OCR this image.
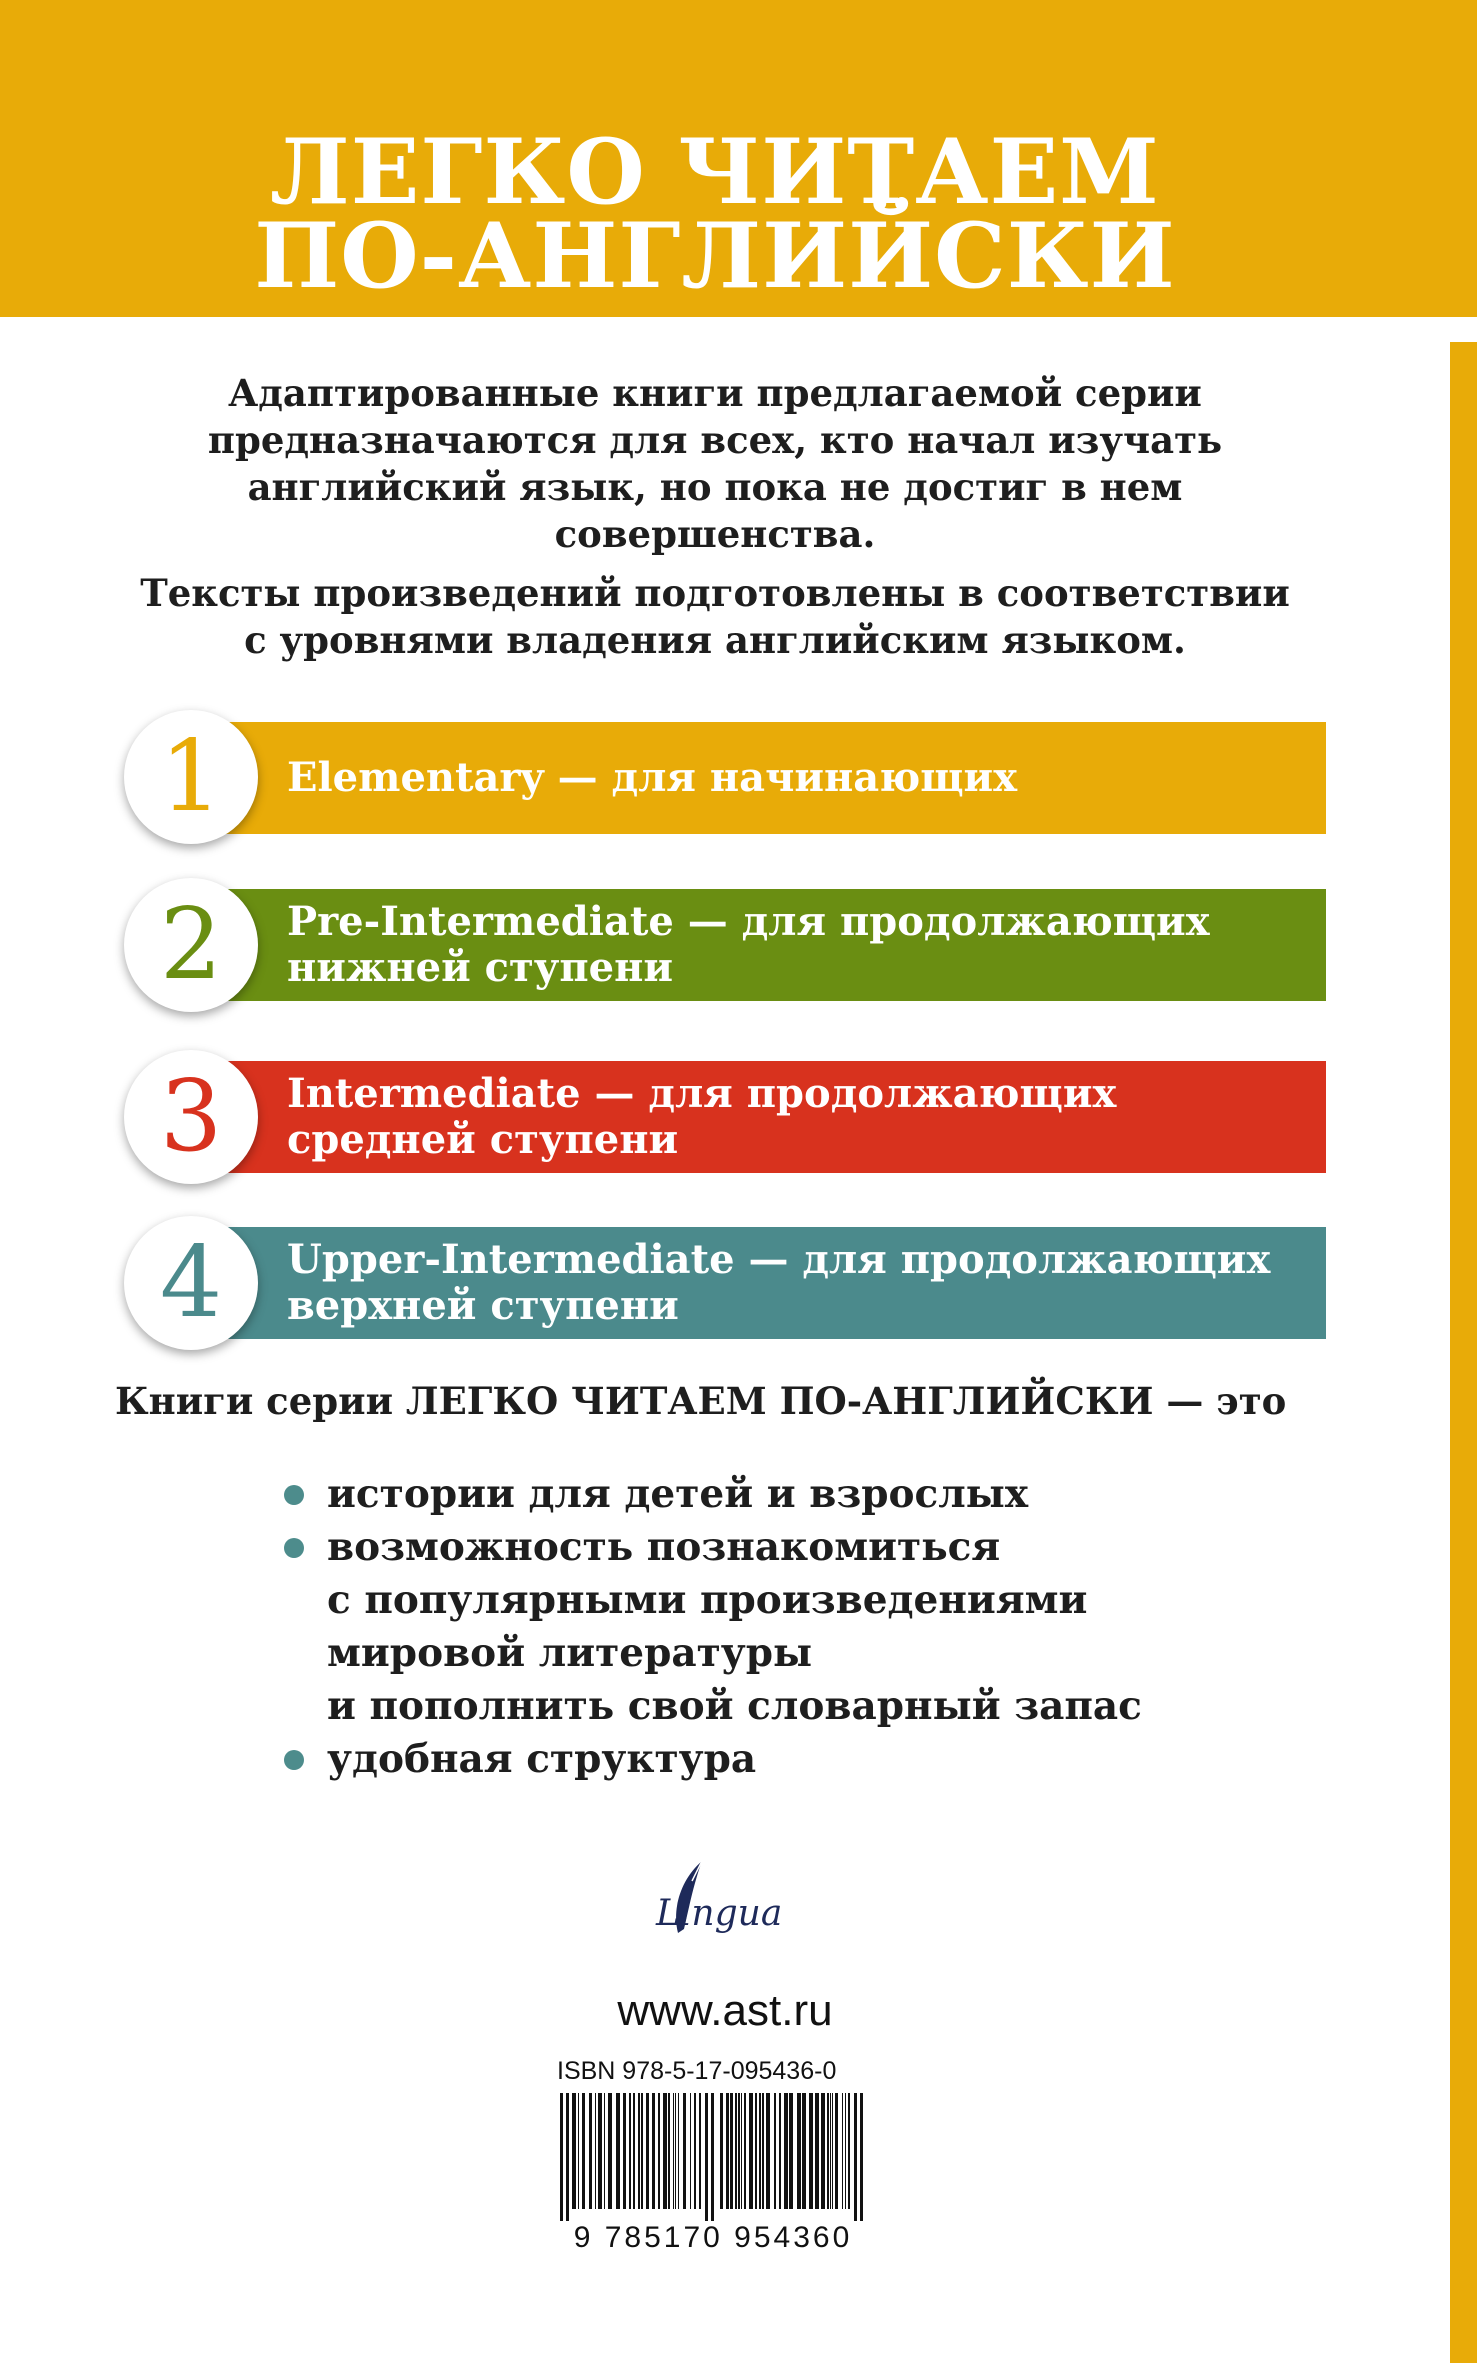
ЛЕГКО ЧИТАЕМ
ПО-АНГЛИЙСКИ

Адаптированные книги предлагаемой серии

предназначаются для всех, кто начал изучать

английский язык, но пока не достиг в нем

совершенства.

Тексты произведений подготовлены в соответствии

с уровнями владения английским языком.

Elementary — для начинающих
1
Pre-Intermediate — для продолжающих
нижней ступени
2
Intermediate — для продолжающих
средней ступени
3
Upper-Intermediate — для продолжающих
верхней ступени
4
Книги серии ЛЕГКО ЧИТАЕМ ПО-АНГЛИЙСКИ — это
истории для детей и взрослых
возможность познакомиться
с популярными произведениями
мировой литературы
и пополнить свой словарный запас
удобная структура
Lingua
www.ast.ru
ISBN 978-5-17-095436-0
9 785170 954360
